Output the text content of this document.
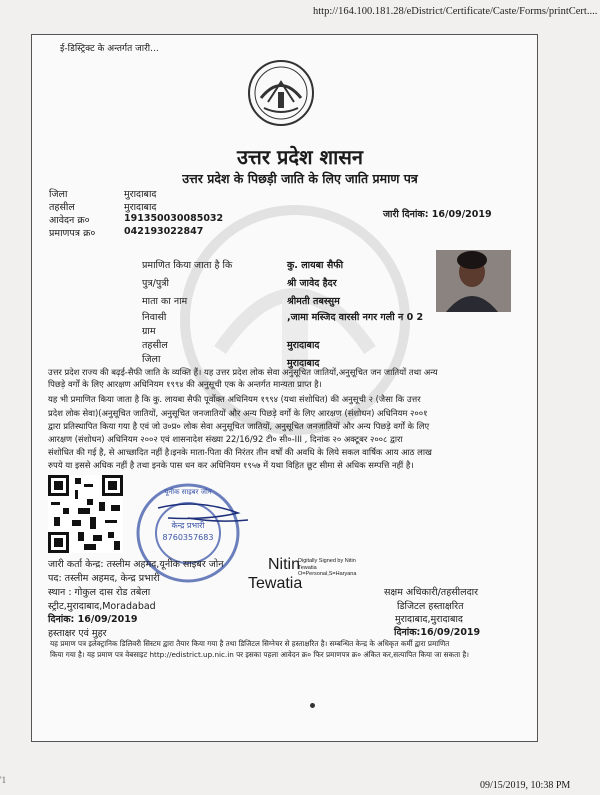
http://164.100.181.28/eDistrict/Certificate/Caste/Forms/printCert....
'1
ई-डिस्ट्रिक्ट के अन्तर्गत जारी...
उत्तर प्रदेश शासन
उत्तर प्रदेश के पिछड़ी जाति के लिए जाति प्रमाण पत्र
जिला	मुरादाबाद
तहसील	मुरादाबाद
आवेदन क्र०	191350030085032
प्रमाणपत्र क्र०	042193022847
जारी दिनांक: 16/09/2019
प्रमाणित किया जाता है कि	कु. लायबा सैफी
पुत्र/पुत्री	श्री जावेद हैदर
माता का नाम	श्रीमती तबस्सुम
निवासी	,जामा मस्जिद वारसी नगर गली न 0 2
ग्राम
तहसील	मुरादाबाद
जिला	मुरादाबाद
उत्तर प्रदेश राज्य की बढ़ई-सैफी जाति के व्यक्ति हैं। यह उत्तर प्रदेश लोक सेवा अनुसूचित जातियों,अनुसूचित जन जातियों तथा अन्य
पिछड़े वर्गों के लिए आरक्षण अधिनियम १९९४ की अनुसूची एक के अन्तर्गत मान्यता प्राप्त है।
यह भी प्रमाणित किया जाता है कि कु. लायबा सैफी पूर्वोक्त अधिनियम १९९४ (यथा संशोधित) की अनुसूची २ (जैसा कि उत्तर
प्रदेश लोक सेवा)(अनुसूचित जातियों, अनुसूचित जनजातियों और अन्य पिछड़े वर्गों के लिए आरक्षण (संशोधन) अधिनियम २००१
द्वारा प्रतिस्थापित किया गया है एवं जो उ०प्र० लोक सेवा अनुसूचित जातियों, अनुसूचित जनजातियों और अन्य पिछड़े वर्गों के लिए
आरक्षण (संशोधन) अधिनियम २००२ एवं शासनादेश संख्या 22/16/92 टी० सी०-III , दिनांक २० अक्टूबर २००८ द्वारा
संशोधित की गई है, से आच्छादित नहीं है।इनके माता-पिता की निरंतर तीन वर्षों की अवधि के लिये सकल वार्षिक आय आठ लाख
रुपये या इससे अधिक नहीं है तथा इनके पास धन कर अधिनियम १९५७ में यथा विहित छूट सीमा से अधिक सम्पत्ति नहीं है।
केन्द्र प्रभारी
8760357683
यूनीक साइबर जोन
जारी कर्ता केन्द्र: तस्लीम अहमद,यूनीक साइबर जोन
पद: तस्लीम अहमद, केन्द्र प्रभारी
स्थान : गोकुल दास रोड तबेला
स्ट्रीट,मुरादाबाद,Moradabad
दिनांक: 16/09/2019
हस्ताक्षर एवं मुहर
Nitin
Tewatia
Digitally Signed by Nitin
Tewatia
O=Personal,S=Haryana
सक्षम अधिकारी/तहसीलदार
डिजिटल हस्ताक्षरित
मुरादाबाद,मुरादाबाद
दिनांक:16/09/2019
यह प्रमाण पत्र इलेक्ट्रानिक डिलिवरी सिस्टम द्वारा तैयार किया गया है तथा डिजिटल सिग्नेचर से हस्ताक्षरित है। सम्बन्धित केन्द्र के अधिकृत कर्मी द्वारा प्रमाणित
किया गया है। यह प्रमाण पत्र वेबसाइट http://edistrict.up.nic.in पर इसका पहला आवेदन क्र० फिर प्रमाणपत्र क्र० अंकित कर,सत्यापित किया जा सकता है।
09/15/2019, 10:38 PM
